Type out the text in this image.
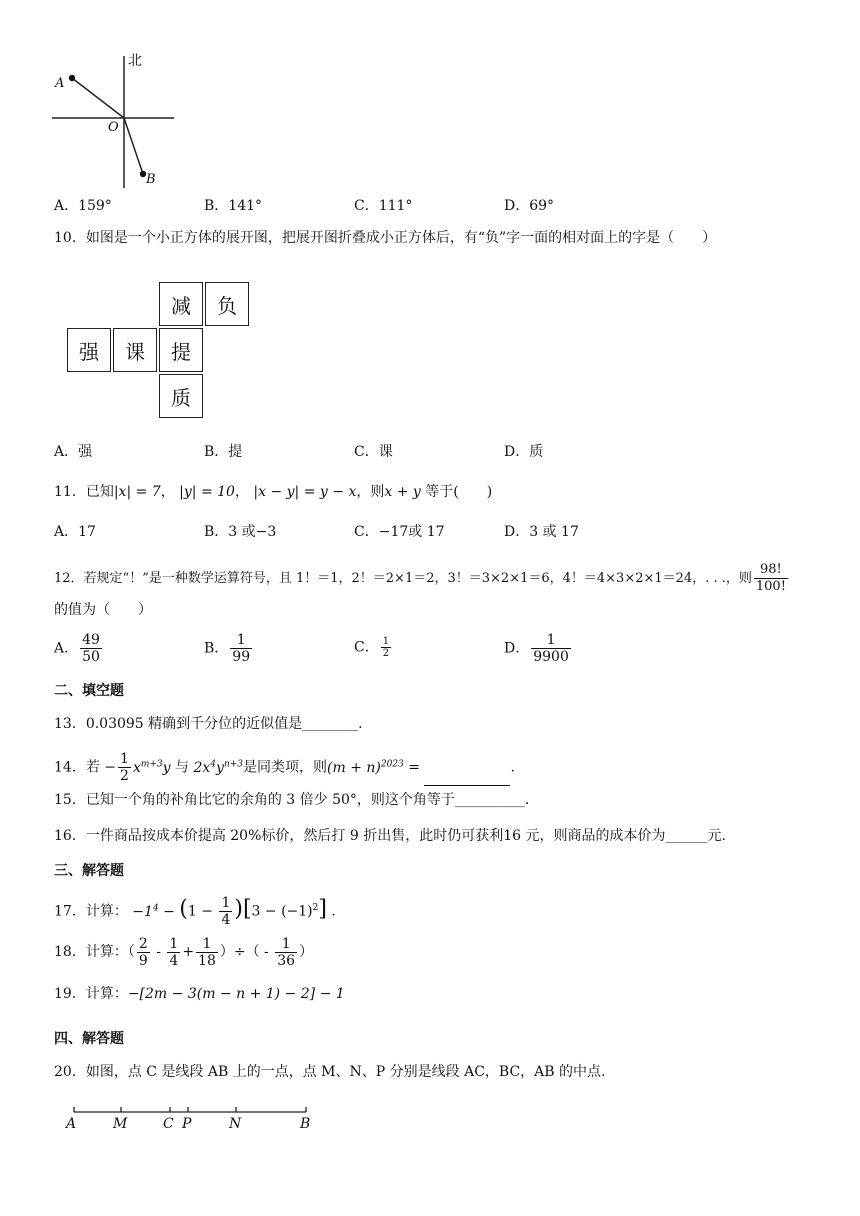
北
A
O
B
A．159°	B．141°	C．111°	D．69°
10．如图是一个小正方体的展开图，把展开图折叠成小正方体后，有“负”字一面的相对面上的字是（　　）
减	负
强	课	提
质
A．强	B．提	C．课	D．质
11．已知|x| = 7， |y| = 10， |x − y| = y − x，则x + y 等于(　　)
A．17	B．3 或−3	C．−17或 17	D．3 或 17
12．若规定“！”是一种数学运算符号，且 1！＝1，2！＝2×1＝2，3！＝3×2×1＝6，4！＝4×3×2×1＝24，. . .，则 $\frac{98!}{100!}$
的值为（　　）
A． $\frac{49}{50}$	B． $\frac{1}{99}$	C． $\frac{1}{2}$	D． $\frac{1}{9900}$
二、填空题
13．0.03095 精确到千分位的近似值是________.
14．若 − $\frac{1}{2} x^{m+3}y$ 与 $2x^4y^{n+3}$是同类项，则$(m + n)^{2023}$ =	.
15．已知一个角的补角比它的余角的 3 倍少 50°，则这个角等于__________.
16．一件商品按成本价提高 20%标价，然后打 9 折出售，此时仍可获利16 元，则商品的成本价为______元.
三、解答题
17．计算： $-1^4 - (1 - \frac{1}{4} )[3 - (-1)^2]$ .
18．计算：（ $\frac{2}{9} - \frac{1}{4} + \frac{1}{18}$ ）÷（ - $\frac{1}{36}$ ）
19．计算：−[2m − 3(m − n + 1) − 2] − 1
四、解答题
20．如图，点 C 是线段 AB 上的一点，点 M、N、P 分别是线段 AC，BC，AB 的中点.
A	M	C P	N	B
